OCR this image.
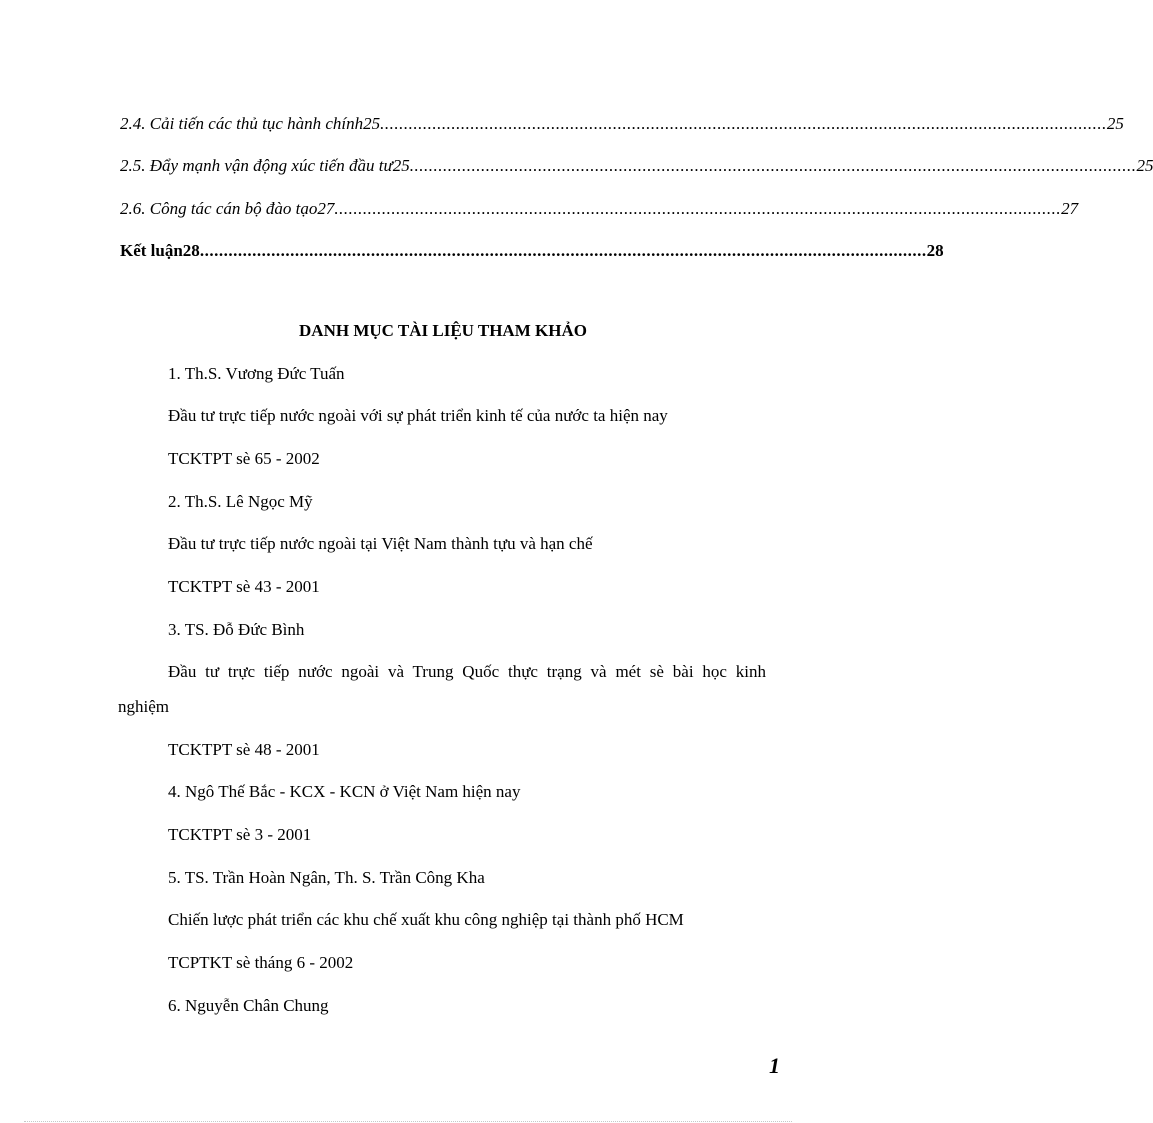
2.4. Cải tiến các thủ tục hành chính25 ......................................................................................................................................................... 25
2.5. Đẩy mạnh vận động xúc tiến đầu tư25 ......................................................................................................................................................... 25
2.6. Công tác cán bộ đào tạo27 ......................................................................................................................................................... 27
Kết luận28 ......................................................................................................................................................... 28
DANH MỤC TÀI LIỆU THAM KHẢO
1. Th.S. Vương Đức Tuấn
Đầu tư trực tiếp nước ngoài với sự phát triển kinh tế của nước ta hiện nay
TCKTPT sè 65 - 2002
2. Th.S. Lê Ngọc Mỹ
Đầu tư trực tiếp nước ngoài tại Việt Nam thành tựu và hạn chế
TCKTPT sè 43 - 2001
3. TS. Đỗ Đức Bình
Đầu tư trực tiếp nước ngoài và Trung Quốc thực trạng và mét sè bài học kinh
nghiệm
TCKTPT sè 48 - 2001
4. Ngô Thế Bắc - KCX - KCN ở Việt Nam hiện nay
TCKTPT sè 3 - 2001
5. TS. Trần Hoàn Ngân, Th. S. Trần Công Kha
Chiến lược phát triển các khu chế xuất khu công nghiệp tại thành phố HCM
TCPTKT sè tháng 6 - 2002
6. Nguyễn Chân Chung
1
